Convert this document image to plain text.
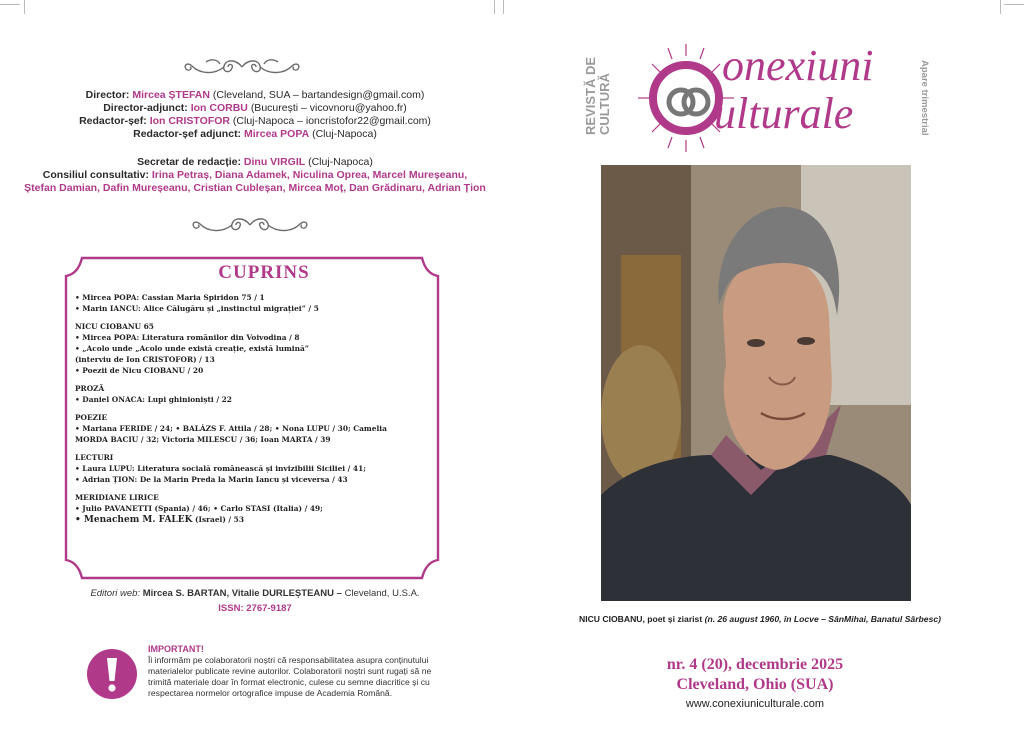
Director: Mircea ȘTEFAN (Cleveland, SUA – bartandesign@gmail.com)
Director-adjunct: Ion CORBU (București – vicovnoru@yahoo.fr)
Redactor-șef: Ion CRISTOFOR (Cluj-Napoca – ioncristofor22@gmail.com)
Redactor-șef adjunct: Mircea POPA (Cluj-Napoca)
Secretar de redacție: Dinu VIRGIL (Cluj-Napoca)
Consiliul consultativ: Irina Petraș, Diana Adamek, Niculina Oprea, Marcel Mureșeanu,
Ștefan Damian, Dafin Mureșeanu, Cristian Cubleșan, Mircea Moț, Dan Grădinaru, Adrian Țion
CUPRINS
• Mircea POPA: Cassian Maria Spiridon 75 / 1
• Marin IANCU: Alice Călugăru și „instinctul migrației” / 5
NICU CIOBANU 65
• Mircea POPA: Literatura românilor din Voivodina / 8
• „Acolo unde „Acolo unde există creație, există lumină”
(interviu de Ion CRISTOFOR) / 13
• Poezii de Nicu CIOBANU / 20
PROZĂ
• Daniel ONACA: Lupi ghinioniști / 22
POEZIE
• Mariana FERIDE / 24; • BALÁZS F. Attila / 28; • Nona LUPU / 30; Camelia
MORDA BACIU / 32; Victoria MILESCU / 36; Ioan MARTA / 39
LECTURI
• Laura LUPU: Literatura socială românească și invizibilii Siciliei / 41;
• Adrian ȚION: De la Marin Preda la Marin Iancu și viceversa / 43
MERIDIANE LIRICE
• Julio PAVANETTI (Spania) / 46; • Carlo STASI (Italia) / 49;
• Menachem M. FALEK (Israel) / 53
Editori web: Mircea S. BARTAN, Vitalie DURLEȘTEANU – Cleveland, U.S.A.
ISSN: 2767-9187
IMPORTANT!
Îi informăm pe colaboratorii noștri că responsabilitatea asupra conținutului materialelor publicate revine autorilor. Colaboratorii noștri sunt rugați să ne trimită materiale doar în format electronic, culese cu semne diacritice și cu respectarea normelor ortografice impuse de Academia Română.
REVISTĂ DE CULTURĂ
onexiuni
ulturale	Apare trimestrial
NICU CIOBANU, poet și ziarist (n. 26 august 1960, în Locve – SânMihai, Banatul Sârbesc)
nr. 4 (20), decembrie 2025
Cleveland, Ohio (SUA)
www.conexiuniculturale.com
